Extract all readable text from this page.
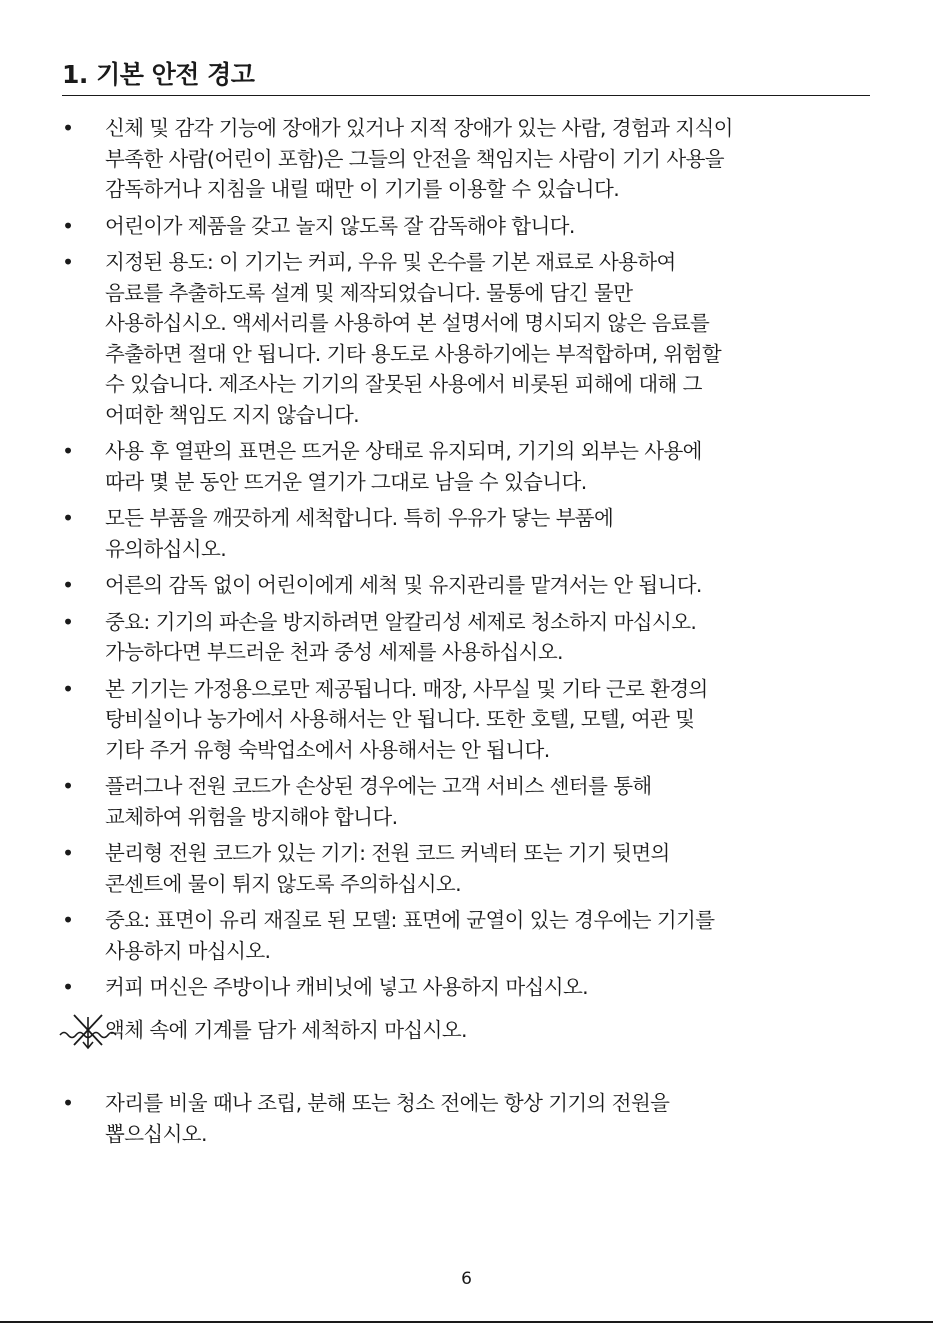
1. 기본 안전 경고
• 신체 및 감각 기능에 장애가 있거나 지적 장애가 있는 사람, 경험과 지식이
부족한 사람(어린이 포함)은 그들의 안전을 책임지는 사람이 기기 사용을
감독하거나 지침을 내릴 때만 이 기기를 이용할 수 있습니다.
• 어린이가 제품을 갖고 놀지 않도록 잘 감독해야 합니다.
• 지정된 용도: 이 기기는 커피, 우유 및 온수를 기본 재료로 사용하여
음료를 추출하도록 설계 및 제작되었습니다. 물통에 담긴 물만
사용하십시오. 액세서리를 사용하여 본 설명서에 명시되지 않은 음료를
추출하면 절대 안 됩니다. 기타 용도로 사용하기에는 부적합하며, 위험할
수 있습니다. 제조사는 기기의 잘못된 사용에서 비롯된 피해에 대해 그
어떠한 책임도 지지 않습니다.
• 사용 후 열판의 표면은 뜨거운 상태로 유지되며, 기기의 외부는 사용에
따라 몇 분 동안 뜨거운 열기가 그대로 남을 수 있습니다.
• 모든 부품을 깨끗하게 세척합니다. 특히 우유가 닿는 부품에
유의하십시오.
• 어른의 감독 없이 어린이에게 세척 및 유지관리를 맡겨서는 안 됩니다.
• 중요: 기기의 파손을 방지하려면 알칼리성 세제로 청소하지 마십시오.
가능하다면 부드러운 천과 중성 세제를 사용하십시오.
• 본 기기는 가정용으로만 제공됩니다. 매장, 사무실 및 기타 근로 환경의
탕비실이나 농가에서 사용해서는 안 됩니다. 또한 호텔, 모텔, 여관 및
기타 주거 유형 숙박업소에서 사용해서는 안 됩니다.
• 플러그나 전원 코드가 손상된 경우에는 고객 서비스 센터를 통해
교체하여 위험을 방지해야 합니다.
• 분리형 전원 코드가 있는 기기: 전원 코드 커넥터 또는 기기 뒷면의
콘센트에 물이 튀지 않도록 주의하십시오.
• 중요: 표면이 유리 재질로 된 모델: 표면에 균열이 있는 경우에는 기기를
사용하지 마십시오.
• 커피 머신은 주방이나 캐비닛에 넣고 사용하지 마십시오.
액체 속에 기계를 담가 세척하지 마십시오.
• 자리를 비울 때나 조립, 분해 또는 청소 전에는 항상 기기의 전원을
뽑으십시오.
6
